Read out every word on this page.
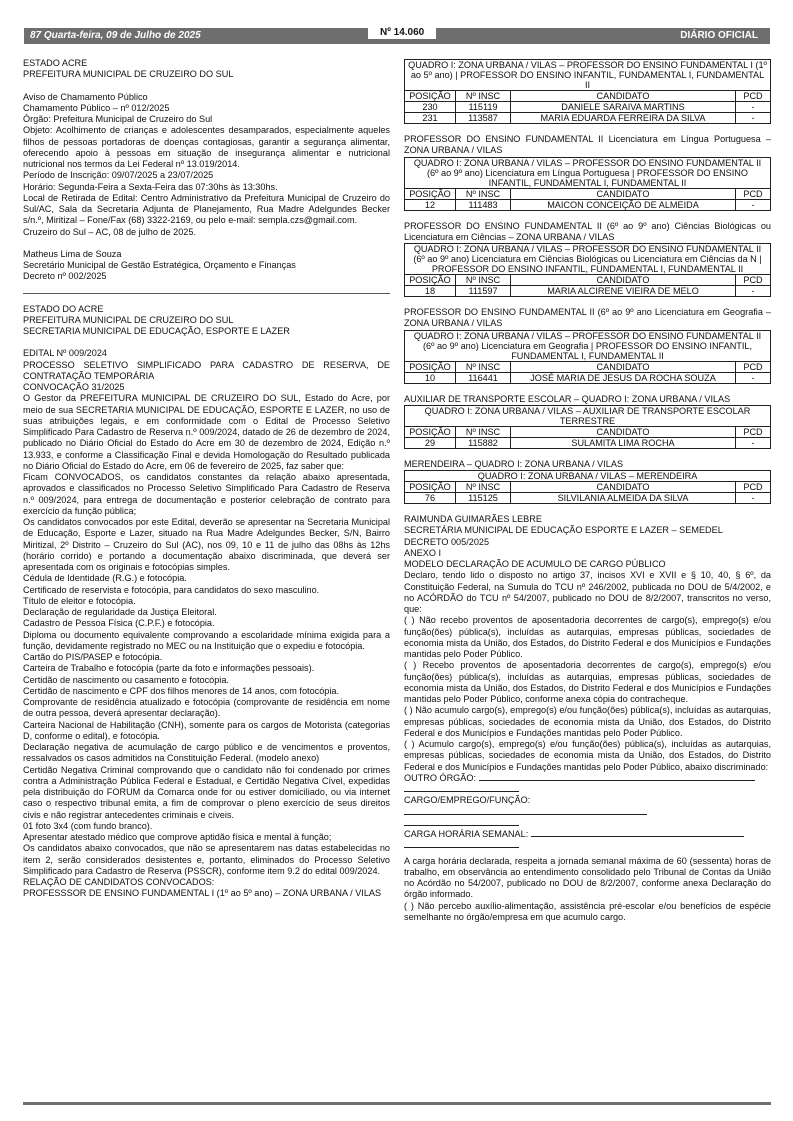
87 Quarta-feira, 09 de Julho de 2025	Nº 14.060	DIÁRIO OFICIAL

ESTADO ACRE

PREFEITURA MUNICIPAL DE CRUZEIRO DO SUL

Aviso de Chamamento Público

Chamamento Público – nº 012/2025

Órgão: Prefeitura Municipal de Cruzeiro do Sul

Objeto: Acolhimento de crianças e adolescentes desamparados, especialmente aqueles filhos de pessoas portadoras de doenças contagiosas, garantir a segurança alimentar, oferecendo apoio à pessoas em situação de insegurança alimentar e nutricional nutricional nos termos da Lei Federal nº 13.019/2014.

Período de Inscrição: 09/07/2025 a 23/07/2025

Horário: Segunda-Feira a Sexta-Feira das 07:30hs às 13:30hs.

Local de Retirada de Edital: Centro Administrativo da Prefeitura Municipal de Cruzeiro do Sul/AC, Sala da Secretaria Adjunta de Planejamento, Rua Madre Adelgundes Becker s/n.º, Miritizal – Fone/Fax (68) 3322-2169, ou pelo e-mail: sempla.czs@gmail.com.

Cruzeiro do Sul – AC, 08 de julho de 2025.

Matheus Lima de Souza

Secretário Municipal de Gestão Estratégica, Orçamento e Finanças

Decreto nº 002/2025

ESTADO DO ACRE

PREFEITURA MUNICIPAL DE CRUZEIRO DO SUL

SECRETARIA MUNICIPAL DE EDUCAÇÃO, ESPORTE E LAZER

EDITAL Nº 009/2024

PROCESSO SELETIVO SIMPLIFICADO PARA CADASTRO DE RESERVA, DE CONTRATAÇÃO TEMPORÁRIA

CONVOCAÇÃO 31/2025

O Gestor da PREFEITURA MUNICIPAL DE CRUZEIRO DO SUL, Estado do Acre, por meio de sua SECRETARIA MUNICIPAL DE EDUCAÇÃO, ESPORTE E LAZER, no uso de suas atribuições legais, e em conformidade com o Edital de Processo Seletivo Simplificado Para Cadastro de Reserva n.º 009/2024, datado de 26 de dezembro de 2024, publicado no Diário Oficial do Estado do Acre em 30 de dezembro de 2024, Edição n.º 13.933, e conforme a Classificação Final e devida Homologação do Resultado publicada no Diário Oficial do Estado do Acre, em 06 de fevereiro de 2025, faz saber que:

Ficam CONVOCADOS, os candidatos constantes da relação abaixo apresentada, aprovados e classificados no Processo Seletivo Simplificado Para Cadastro de Reserva n.º 009/2024, para entrega de documentação e posterior celebração de contrato para exercício da função pública;

Os candidatos convocados por este Edital, deverão se apresentar na Secretaria Municipal de Educação, Esporte e Lazer, situado na Rua Madre Adelgundes Becker, S/N, Bairro Miritizal, 2º Distrito – Cruzeiro do Sul (AC), nos 09, 10 e 11 de julho das 08hs às 12hs (horário corrido) e portando a documentação abaixo discriminada, que deverá ser apresentada com os originais e fotocópias simples.

Cédula de Identidade (R.G.) e fotocópia.

Certificado de reservista e fotocópia, para candidatos do sexo masculino.

Título de eleitor e fotocópia.

Declaração de regularidade da Justiça Eleitoral.

Cadastro de Pessoa Física (C.P.F.) e fotocópia.

Diploma ou documento equivalente comprovando a escolaridade mínima exigida para a função, devidamente registrado no MEC ou na Instituição que o expediu e fotocópia.

Cartão do PIS/PASEP e fotocópia.

Carteira de Trabalho e fotocópia (parte da foto e informações pessoais).

Certidão de nascimento ou casamento e fotocópia.

Certidão de nascimento e CPF dos filhos menores de 14 anos, com fotocópia.

Comprovante de residência atualizado e fotocópia (comprovante de residência em nome de outra pessoa, deverá apresentar declaração).

Carteira Nacional de Habilitação (CNH), somente para os cargos de Motorista (categorias D, conforme o edital), e fotocópia.

Declaração negativa de acumulação de cargo público e de vencimentos e proventos, ressalvados os casos admitidos na Constituição Federal. (modelo anexo)

Certidão Negativa Criminal comprovando que o candidato não foi condenado por crimes contra a Administração Pública Federal e Estadual, e Certidão Negativa Cível, expedidas pela distribuição do FORUM da Comarca onde for ou estiver domiciliado, ou via internet caso o respectivo tribunal emita, a fim de comprovar o pleno exercício de seus direitos civis e não registrar antecedentes criminais e cíveis.

01 foto 3x4 (com fundo branco).

Apresentar atestado médico que comprove aptidão física e mental à função;

Os candidatos abaixo convocados, que não se apresentarem nas datas estabelecidas no item 2, serão considerados desistentes e, portanto, eliminados do Processo Seletivo Simplificado para Cadastro de Reserva (PSSCR), conforme item 9.2 do edital 009/2024.

RELAÇÃO DE CANDIDATOS CONVOCADOS:

PROFESSSOR DE ENSINO FUNDAMENTAL I (1º ao 5º ano) – ZONA URBANA / VILAS

QUADRO I: ZONA URBANA / VILAS – PROFESSOR DO ENSINO FUNDAMENTAL I (1º ao 5º ano) | PROFESSOR DO ENSINO INFANTIL, FUNDAMENTAL I, FUNDAMENTAL II			
POSIÇÃO	Nº INSC	CANDIDATO	PCD
230	115119	DANIELE SARAIVA MARTINS	-
231	113587	MARIA EDUARDA FERREIRA DA SILVA	-

PROFESSOR DO ENSINO FUNDAMENTAL II Licenciatura em Língua Portuguesa – ZONA URBANA / VILAS

QUADRO I: ZONA URBANA / VILAS – PROFESSOR DO ENSINO FUNDAMENTAL II (6º ao 9º ano) Licenciatura em Língua Portuguesa | PROFESSOR DO ENSINO INFANTIL, FUNDAMENTAL I, FUNDAMENTAL II			
POSIÇÃO	Nº INSC	CANDIDATO	PCD
12	111483	MAICON CONCEIÇÃO DE ALMEIDA	-

PROFESSOR DO ENSINO FUNDAMENTAL II (6º ao 9º ano) Ciências Biológicas ou Licenciatura em Ciências – ZONA URBANA / VILAS

QUADRO I: ZONA URBANA / VILAS – PROFESSOR DO ENSINO FUNDAMENTAL II (6º ao 9º ano) Licenciatura em Ciências Biológicas ou Licenciatura em Ciências da N | PROFESSOR DO ENSINO INFANTIL, FUNDAMENTAL I, FUNDAMENTAL II			
POSIÇÃO	Nº INSC	CANDIDATO	PCD
18	111597	MARIA ALCIRENE VIEIRA DE MELO	-

PROFESSOR DO ENSINO FUNDAMENTAL II (6º ao 9º ano Licenciatura em Geografia – ZONA URBANA / VILAS

QUADRO I: ZONA URBANA / VILAS – PROFESSOR DO ENSINO FUNDAMENTAL II (6º ao 9º ano) Licenciatura em Geografia | PROFESSOR DO ENSINO INFANTIL, FUNDAMENTAL I, FUNDAMENTAL II			
POSIÇÃO	Nº INSC	CANDIDATO	PCD
10	116441	JOSÉ MARIA DE JESUS DA ROCHA SOUZA	-

AUXILIAR DE TRANSPORTE ESCOLAR – QUADRO I: ZONA URBANA / VILAS

QUADRO I: ZONA URBANA / VILAS – AUXILIAR DE TRANSPORTE ESCOLAR TERRESTRE			
POSIÇÃO	Nº INSC	CANDIDATO	PCD
29	115882	SULAMITA LIMA ROCHA	-

MERENDEIRA – QUADRO I: ZONA URBANA / VILAS

QUADRO I: ZONA URBANA / VILAS – MERENDEIRA			
POSIÇÃO	Nº INSC	CANDIDATO	PCD
76	115125	SILVILANIA ALMEIDA DA SILVA	-

RAIMUNDA GUIMARÃES LEBRE

SECRETÁRIA MUNICIPAL DE EDUCAÇÃO ESPORTE E LAZER – SEMEDEL

DECRETO 005/2025

ANEXO I

MODELO DECLARAÇÃO DE ACUMULO DE CARGO PÚBLICO

Declaro, tendo lido o disposto no artigo 37, incisos XVI e XVII e § 10, 40, § 6º, da Constituição Federal, na Sumula do TCU nº 246/2002, publicada no DOU de 5/4/2002, e no ACÓRDÃO do TCU nº 54/2007, publicado no DOU de 8/2/2007, transcritos no verso, que:

( ) Não recebo proventos de aposentadoria decorrentes de cargo(s), emprego(s) e/ou função(ões) pública(s), incluídas as autarquias, empresas públicas, sociedades de economia mista da União, dos Estados, do Distrito Federal e dos Municípios e Fundações mantidas pelo Poder Público.

( ) Recebo proventos de aposentadoria decorrentes de cargo(s), emprego(s) e/ou função(ões) pública(s), incluídas as autarquias, empresas públicas, sociedades de economia mista da União, dos Estados, do Distrito Federal e dos Municípios e Fundações mantidas pelo Poder Público, conforme anexa cópia do contracheque.

( ) Não acumulo cargo(s), emprego(s) e/ou função(ões) pública(s), incluídas as autarquias, empresas públicas, sociedades de economia mista da União, dos Estados, do Distrito Federal e dos Municípios e Fundações mantidas pelo Poder Público.

( ) Acumulo cargo(s), emprego(s) e/ou função(ões) pública(s), incluídas as autarquias, empresas públicas, sociedades de economia mista da União, dos Estados, do Distrito Federal e dos Municípios e Fundações mantidas pelo Poder Público, abaixo discriminado:

OUTRO ÓRGÃO:

CARGO/EMPREGO/FUNÇÃO:

CARGA HORÁRIA SEMANAL:

A carga horária declarada, respeita a jornada semanal máxima de 60 (sessenta) horas de trabalho, em observância ao entendimento consolidado pelo Tribunal de Contas da União no Acórdão no 54/2007, publicado no DOU de 8/2/2007, conforme anexa Declaração do órgão informado.

( ) Não percebo auxílio-alimentação, assistência pré-escolar e/ou benefícios de espécie semelhante no órgão/empresa em que acumulo cargo.
